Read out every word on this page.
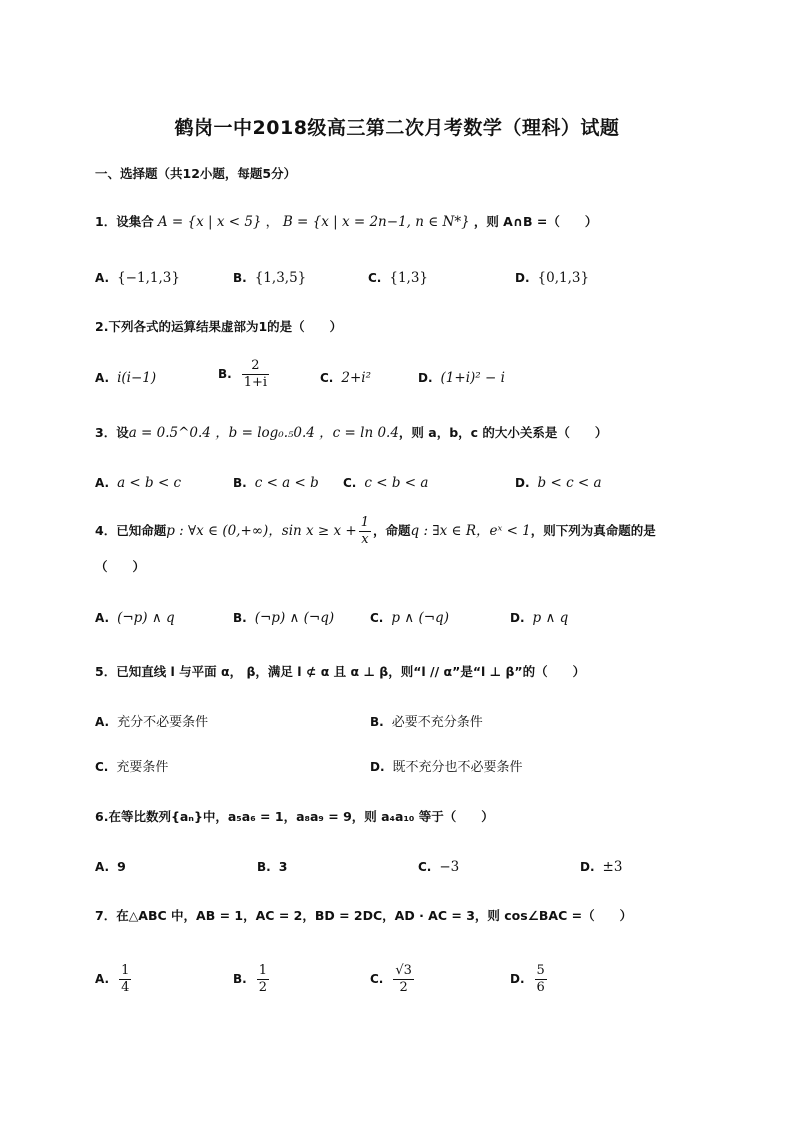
鹤岗一中2018级高三第二次月考数学（理科）试题
一、选择题（共12小题，每题5分）
1．设集合 A = {x | x < 5} ， B = {x | x = 2n−1, n ∈ N*} ，则 A∩B =（　　）
A. {−1,1,3}	B. {1,3,5}	C. {1,3}	D. {0,1,3}
2.下列各式的运算结果虚部为1的是（　　）
A. i(i−1)	B. $\frac{2}{1+i}$	C. 2+i²	D. (1+i)² − i
3．设a = 0.5^0.4 ，b = log₀.₅0.4 ，c = ln 0.4，则 a，b，c 的大小关系是（　　）
A. a < b < c	B. c < a < b C. c < b < a	D. b < c < a
4．已知命题p : ∀x ∈ (0,+∞)，$\sin x \ge x + \frac{1}{x}$ ，命题q : ∃x ∈ R，eˣ < 1，则下列为真命题的是
（　　）
A. (¬p) ∧ q	B. (¬p) ∧ (¬q)	C. p ∧ (¬q)	D. p ∧ q
5．已知直线 l 与平面 α， β，满足 l ⊄ α 且 α ⊥ β，则“l // α”是“l ⊥ β”的（　　）
A. 充分不必要条件	B. 必要不充分条件
C. 充要条件	D. 既不充分也不必要条件
6.在等比数列{aₙ}中，a₅a₆ = 1，a₈a₉ = 9，则 a₄a₁₀ 等于（　　）
A. 9	B. 3	C. −3	D. ±3
7．在△ABC 中，AB = 1，AC = 2，BD = 2DC，AD · AC = 3，则 cos∠BAC =（　　）
A. $\frac{1}{4}$	B. $\frac{1}{2}$	C. $\frac{√3}{2}$	D. $\frac{5}{6}$
